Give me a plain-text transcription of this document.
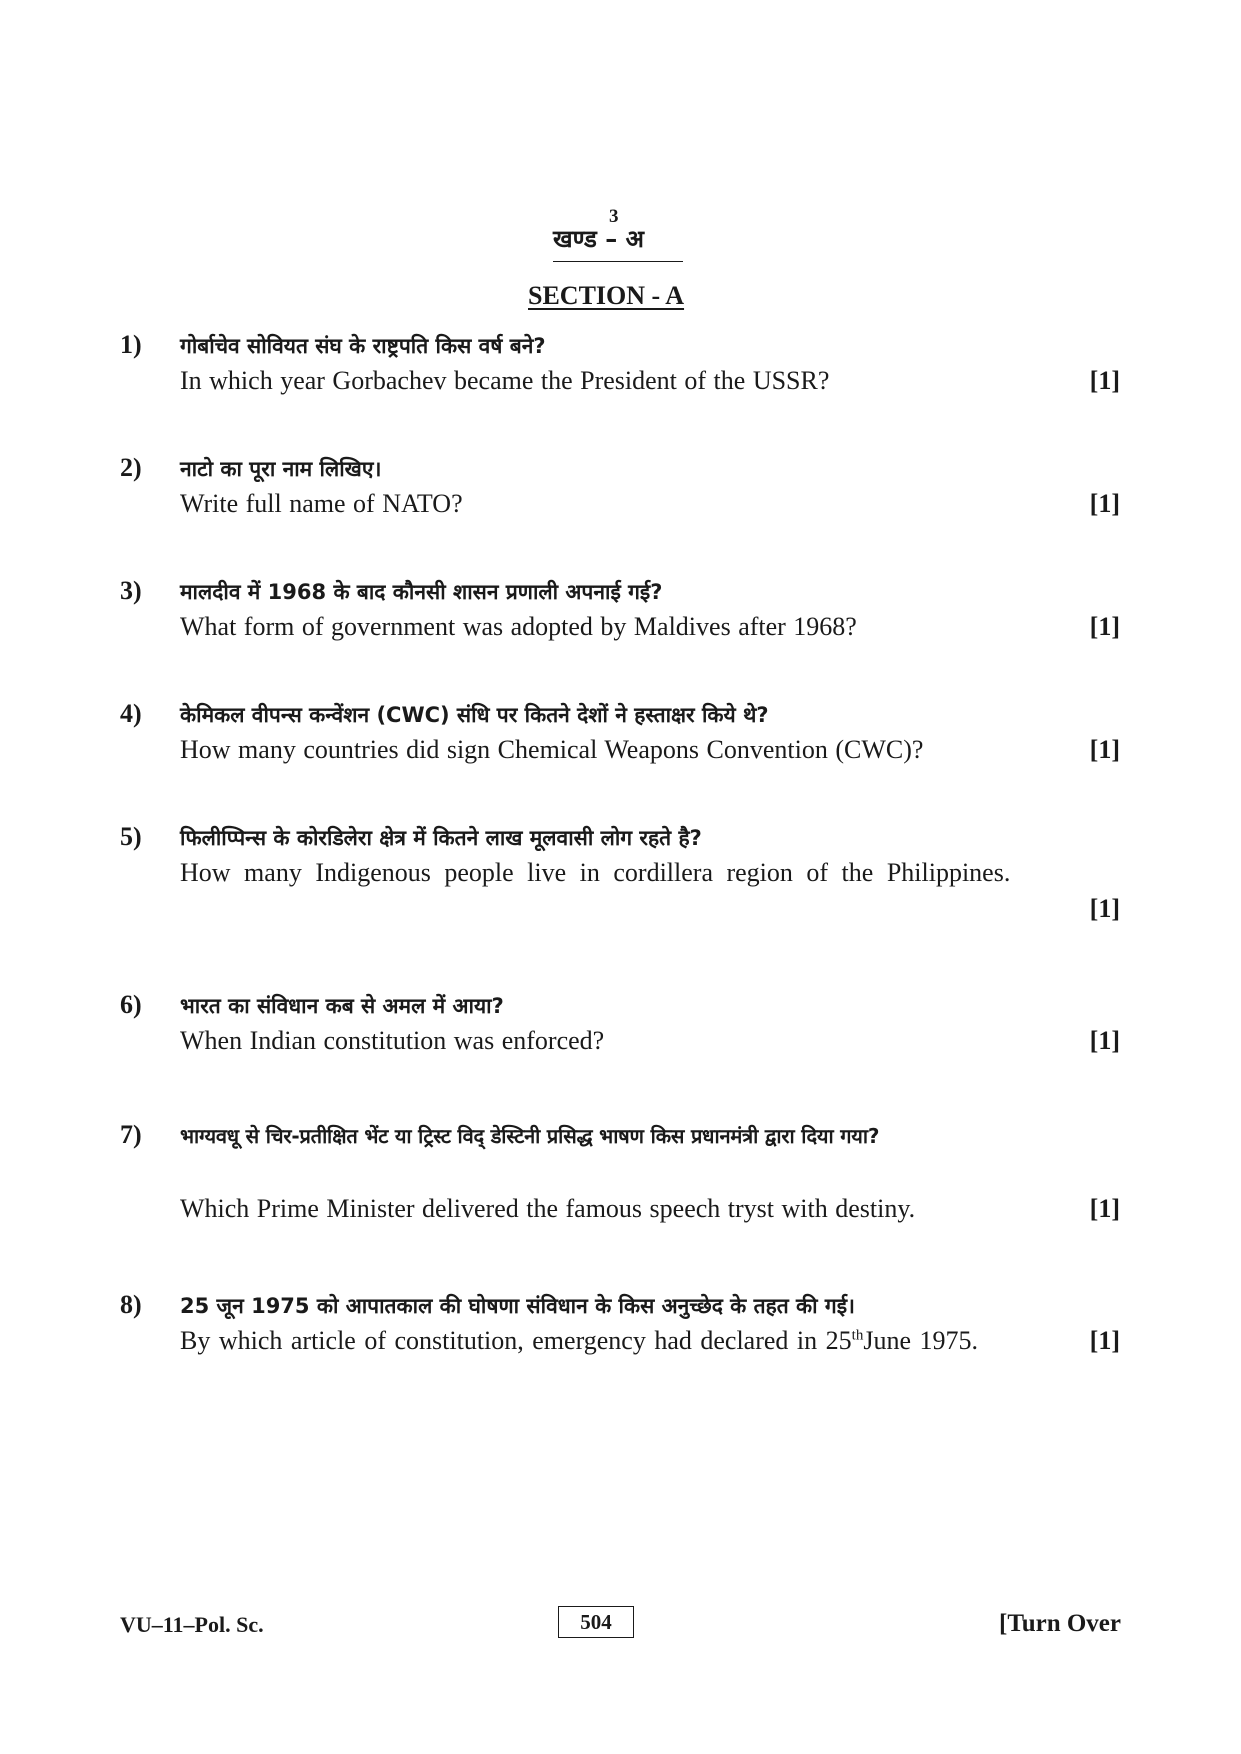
3
खण्ड – अ
SECTION - A
1) गोर्बाचेव सोवियत संघ के राष्ट्रपति किस वर्ष बने?
In which year Gorbachev became the President of the USSR?	[1]
2) नाटो का पूरा नाम लिखिए।
Write full name of NATO?	[1]
3) मालदीव में 1968 के बाद कौनसी शासन प्रणाली अपनाई गई?
What form of government was adopted by Maldives after 1968?	[1]
4) केमिकल वीपन्स कन्वेंशन (CWC) संधि पर कितने देशों ने हस्ताक्षर किये थे?
How many countries did sign Chemical Weapons Convention (CWC)?	[1]
5) फिलीप्पिन्स के कोरडिलेरा क्षेत्र में कितने लाख मूलवासी लोग रहते है?
How many Indigenous people live in cordillera region of the Philippines.
[1]
6) भारत का संविधान कब से अमल में आया?
When Indian constitution was enforced?	[1]
7) भाग्यवधू से चिर-प्रतीक्षित भेंट या ट्रिस्ट विद् डेस्टिनी प्रसिद्ध भाषण किस प्रधानमंत्री द्वारा दिया गया?
Which Prime Minister delivered the famous speech tryst with destiny.	[1]
8) 25 जून 1975 को आपातकाल की घोषणा संविधान के किस अनुच्छेद के तहत की गई।
By which article of constitution, emergency had declared in 25thJune 1975.	[1]
VU–11–Pol. Sc.	504	[Turn Over
